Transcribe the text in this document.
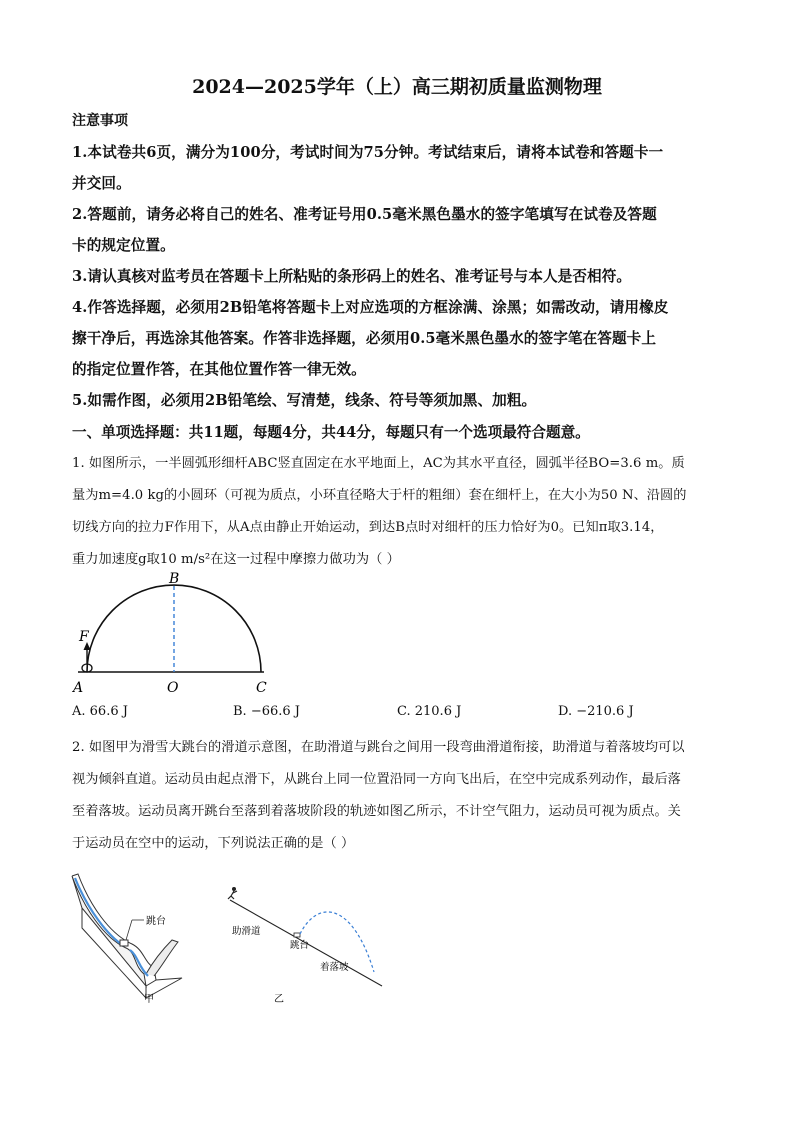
2024—2025学年（上）高三期初质量监测物理
注意事项
1.本试卷共6页，满分为100分，考试时间为75分钟。考试结束后，请将本试卷和答题卡一
并交回。
2.答题前，请务必将自己的姓名、准考证号用0.5毫米黑色墨水的签字笔填写在试卷及答题
卡的规定位置。
3.请认真核对监考员在答题卡上所粘贴的条形码上的姓名、准考证号与本人是否相符。
4.作答选择题，必须用2B铅笔将答题卡上对应选项的方框涂满、涂黑；如需改动，请用橡皮
擦干净后，再选涂其他答案。作答非选择题，必须用0.5毫米黑色墨水的签字笔在答题卡上
的指定位置作答，在其他位置作答一律无效。
5.如需作图，必须用2B铅笔绘、写清楚，线条、符号等须加黑、加粗。
一、单项选择题：共11题，每题4分，共44分，每题只有一个选项最符合题意。
1. 如图所示，一半圆弧形细杆ABC竖直固定在水平地面上，AC为其水平直径，圆弧半径BO=3.6 m。质
量为m=4.0 kg的小圆环（可视为质点，小环直径略大于杆的粗细）套在细杆上，在大小为50 N、沿圆的
切线方向的拉力F作用下，从A点由静止开始运动，到达B点时对细杆的压力恰好为0。已知π取3.14，
重力加速度g取10 m/s²在这一过程中摩擦力做功为（ ）
F
B
A	O	C
A. 66.6 J	B. −66.6 J	C. 210.6 J	D. −210.6 J
2. 如图甲为滑雪大跳台的滑道示意图，在助滑道与跳台之间用一段弯曲滑道衔接，助滑道与着落坡均可以
视为倾斜直道。运动员由起点滑下，从跳台上同一位置沿同一方向飞出后，在空中完成系列动作，最后落
至着落坡。运动员离开跳台至落到着落坡阶段的轨迹如图乙所示，不计空气阻力，运动员可视为质点。关
于运动员在空中的运动，下列说法正确的是（ ）
跳台
甲
助滑道
跳台
着落坡
乙
